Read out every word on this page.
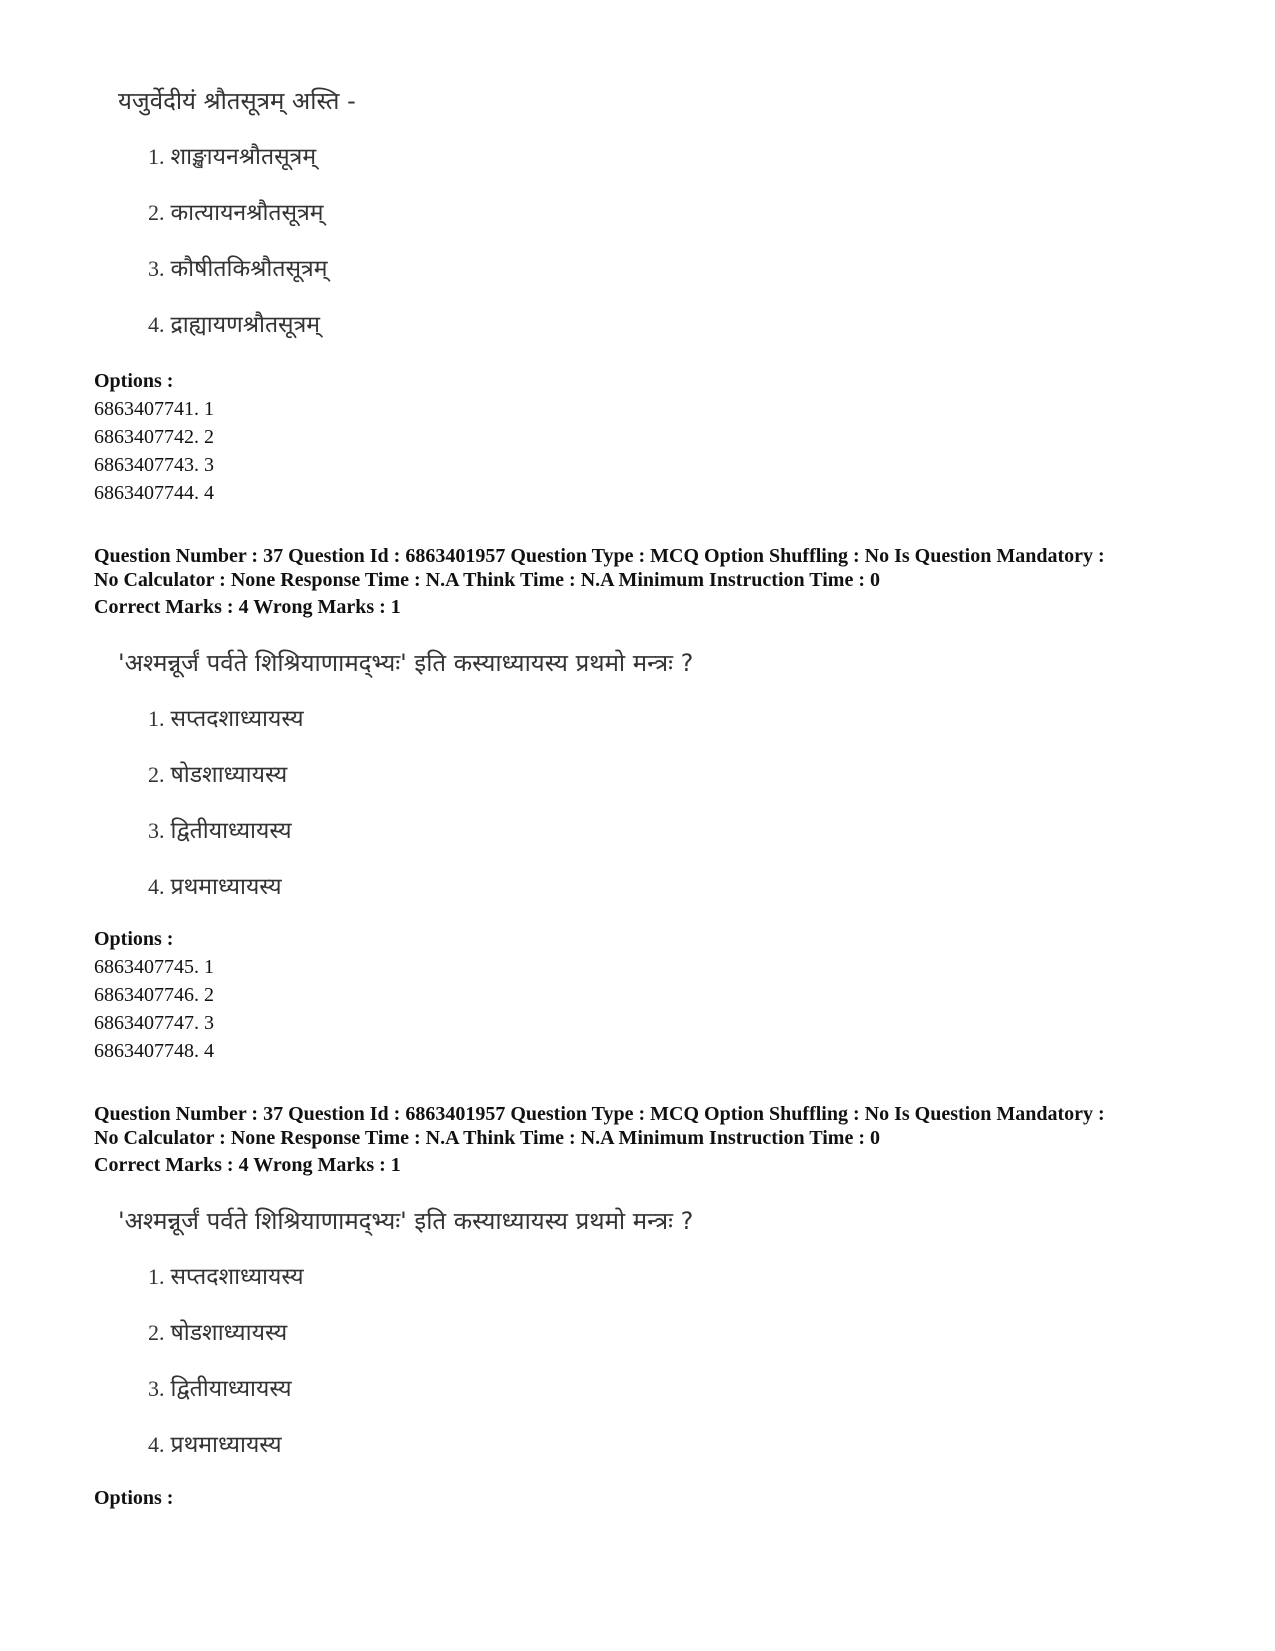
यजुर्वेदीयं श्रौतसूत्रम् अस्ति -
1. शाङ्खायनश्रौतसूत्रम्
2. कात्यायनश्रौतसूत्रम्
3. कौषीतकिश्रौतसूत्रम्
4. द्राह्यायणश्रौतसूत्रम्
Options :
6863407741. 1
6863407742. 2
6863407743. 3
6863407744. 4
Question Number : 37 Question Id : 6863401957 Question Type : MCQ Option Shuffling : No Is Question Mandatory :
No Calculator : None Response Time : N.A Think Time : N.A Minimum Instruction Time : 0
Correct Marks : 4 Wrong Marks : 1
'अश्मन्नूर्जं पर्वते शिश्रियाणामद्भ्यः' इति कस्याध्यायस्य प्रथमो मन्त्रः ?
1. सप्तदशाध्यायस्य
2. षोडशाध्यायस्य
3. द्वितीयाध्यायस्य
4. प्रथमाध्यायस्य
Options :
6863407745. 1
6863407746. 2
6863407747. 3
6863407748. 4
Question Number : 37 Question Id : 6863401957 Question Type : MCQ Option Shuffling : No Is Question Mandatory :
No Calculator : None Response Time : N.A Think Time : N.A Minimum Instruction Time : 0
Correct Marks : 4 Wrong Marks : 1
'अश्मन्नूर्जं पर्वते शिश्रियाणामद्भ्यः' इति कस्याध्यायस्य प्रथमो मन्त्रः ?
1. सप्तदशाध्यायस्य
2. षोडशाध्यायस्य
3. द्वितीयाध्यायस्य
4. प्रथमाध्यायस्य
Options :
